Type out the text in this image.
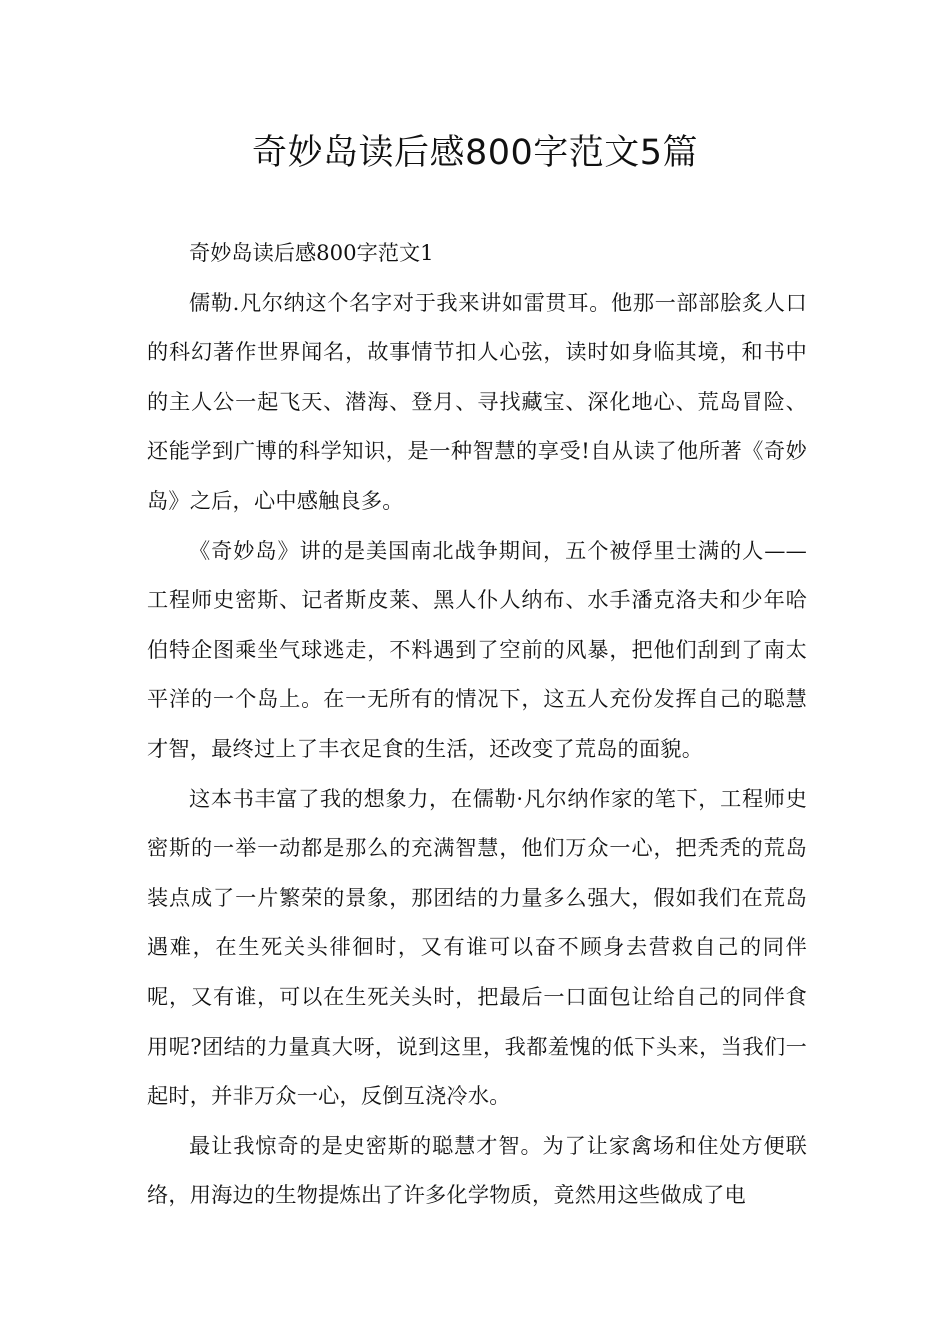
奇妙岛读后感800字范文5篇

奇妙岛读后感800字范文1

儒勒.凡尔纳这个名字对于我来讲如雷贯耳。他那一部部脍炙人口的科幻著作世界闻名，故事情节扣人心弦，读时如身临其境，和书中的主人公一起飞天、潜海、登月、寻找藏宝、深化地心、荒岛冒险、还能学到广博的科学知识，是一种智慧的享受!自从读了他所著《奇妙岛》之后，心中感触良多。

《奇妙岛》讲的是美国南北战争期间，五个被俘里士满的人——工程师史密斯、记者斯皮莱、黑人仆人纳布、水手潘克洛夫和少年哈伯特企图乘坐气球逃走，不料遇到了空前的风暴，把他们刮到了南太平洋的一个岛上。在一无所有的情况下，这五人充份发挥自己的聪慧才智，最终过上了丰衣足食的生活，还改变了荒岛的面貌。

这本书丰富了我的想象力，在儒勒·凡尔纳作家的笔下，工程师史密斯的一举一动都是那么的充满智慧，他们万众一心，把秃秃的荒岛装点成了一片繁荣的景象，那团结的力量多么强大，假如我们在荒岛遇难，在生死关头徘徊时，又有谁可以奋不顾身去营救自己的同伴呢，又有谁，可以在生死关头时，把最后一口面包让给自己的同伴食用呢?团结的力量真大呀，说到这里，我都羞愧的低下头来，当我们一起时，并非万众一心，反倒互浇冷水。

最让我惊奇的是史密斯的聪慧才智。为了让家禽场和住处方便联络，用海边的生物提炼出了许多化学物质，竟然用这些做成了电
